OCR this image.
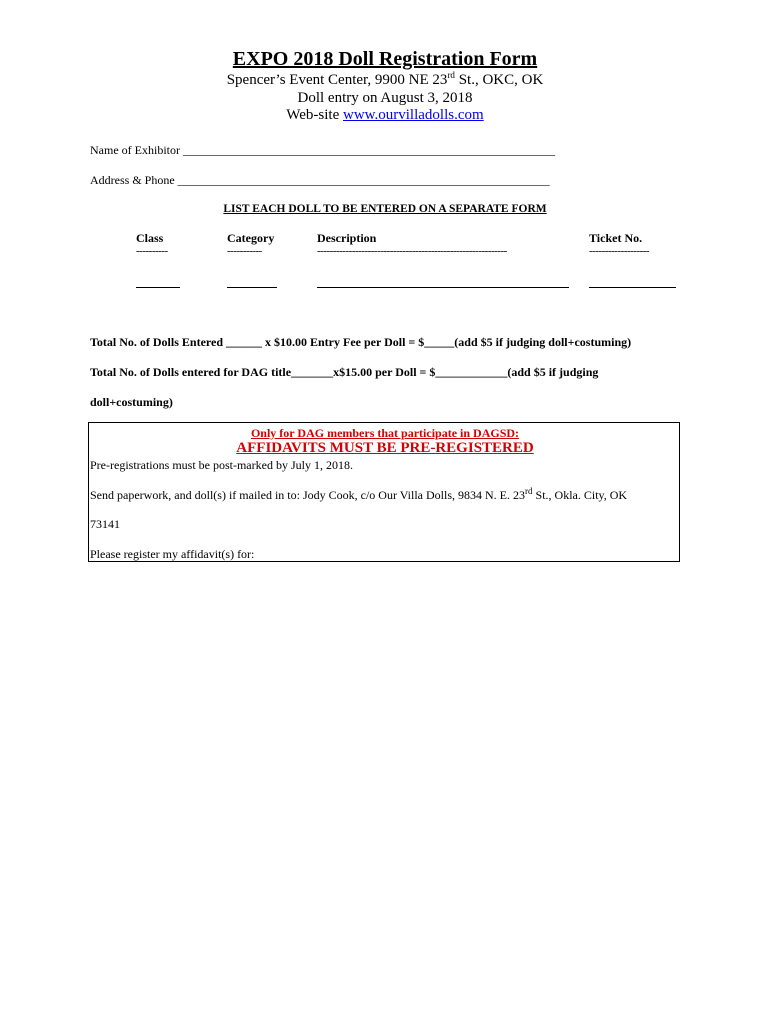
EXPO 2018 Doll Registration Form
Spencer’s Event Center, 9900 NE 23rd St., OKC, OK
Doll entry on August 3, 2018
Web-site www.ourvilladolls.com
Name of Exhibitor ______________________________________________________________
Address & Phone ______________________________________________________________
LIST EACH DOLL TO BE ENTERED ON A SEPARATE FORM
Class	Category	Description	Ticket No.
----------	-----------	------------------------------------------------------------	-------------------
Total No. of Dolls Entered ______ x $10.00 Entry Fee per Doll = $_____(add $5 if judging doll+costuming)
Total No. of Dolls entered for DAG title_______x$15.00 per Doll = $____________(add $5 if judging
doll+costuming)
Only for DAG members that participate in DAGSD:
AFFIDAVITS MUST BE PRE-REGISTERED
Pre-registrations must be post-marked by July 1, 2018.
Send paperwork, and doll(s) if mailed in to: Jody Cook, c/o Our Villa Dolls, 9834 N. E. 23rd St., Okla. City, OK
73141
Please register my affidavit(s) for:
